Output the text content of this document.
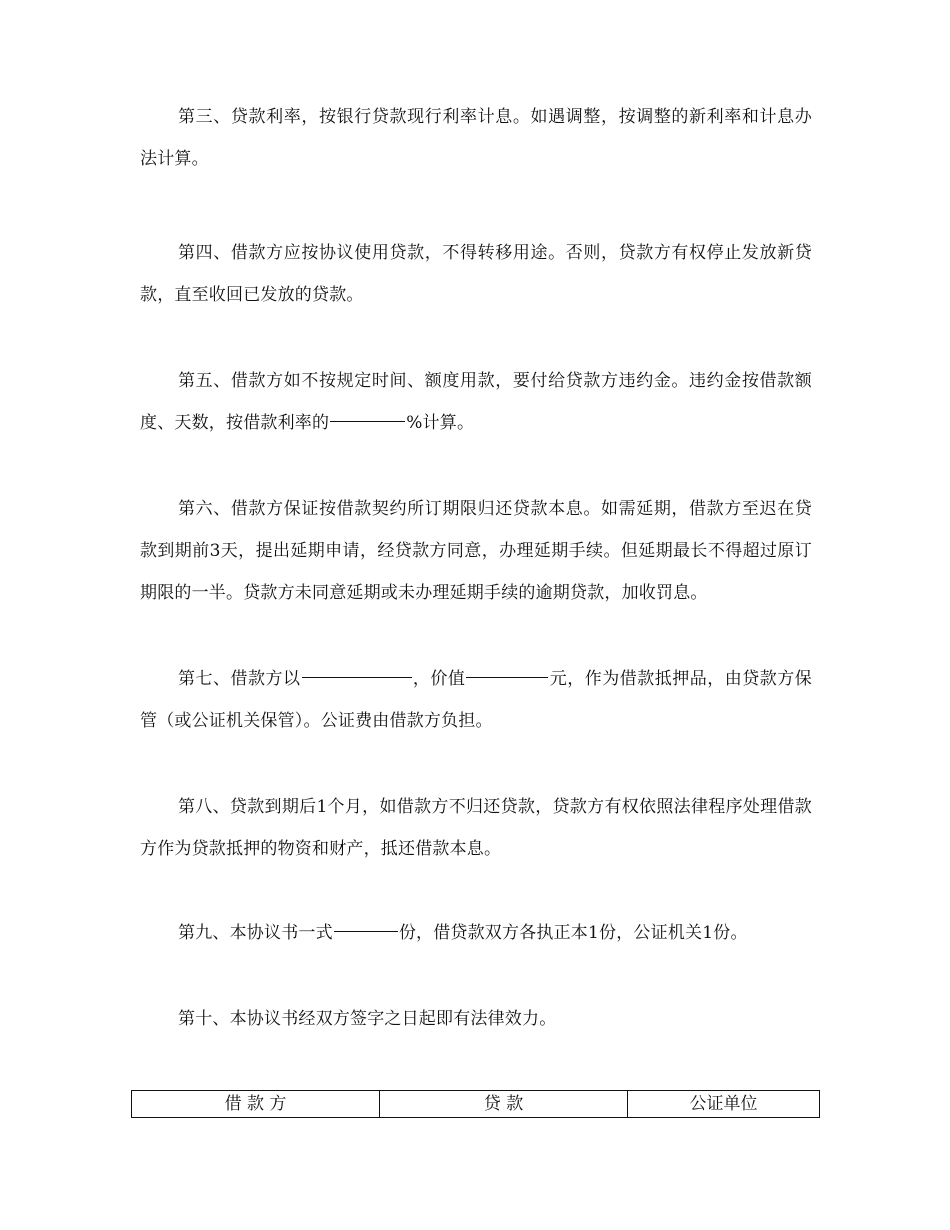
第三、贷款利率，按银行贷款现行利率计息。如遇调整，按调整的新利率和计息办法计算。

第四、借款方应按协议使用贷款，不得转移用途。否则，贷款方有权停止发放新贷款，直至收回已发放的贷款。

第五、借款方如不按规定时间、额度用款，要付给贷款方违约金。违约金按借款额度、天数，按借款利率的	%计算。

第六、借款方保证按借款契约所订期限归还贷款本息。如需延期，借款方至迟在贷款到期前3天，提出延期申请，经贷款方同意，办理延期手续。但延期最长不得超过原订期限的一半。贷款方未同意延期或未办理延期手续的逾期贷款，加收罚息。

第七、借款方以	，价值	元，作为借款抵押品，由贷款方保管（或公证机关保管）。公证费由借款方负担。

第八、贷款到期后1个月，如借款方不归还贷款，贷款方有权依照法律程序处理借款方作为贷款抵押的物资和财产，抵还借款本息。

第九、本协议书一式	份，借贷款双方各执正本1份，公证机关1份。

第十、本协议书经双方签字之日起即有法律效力。

借 款 方	贷 款	公证单位
